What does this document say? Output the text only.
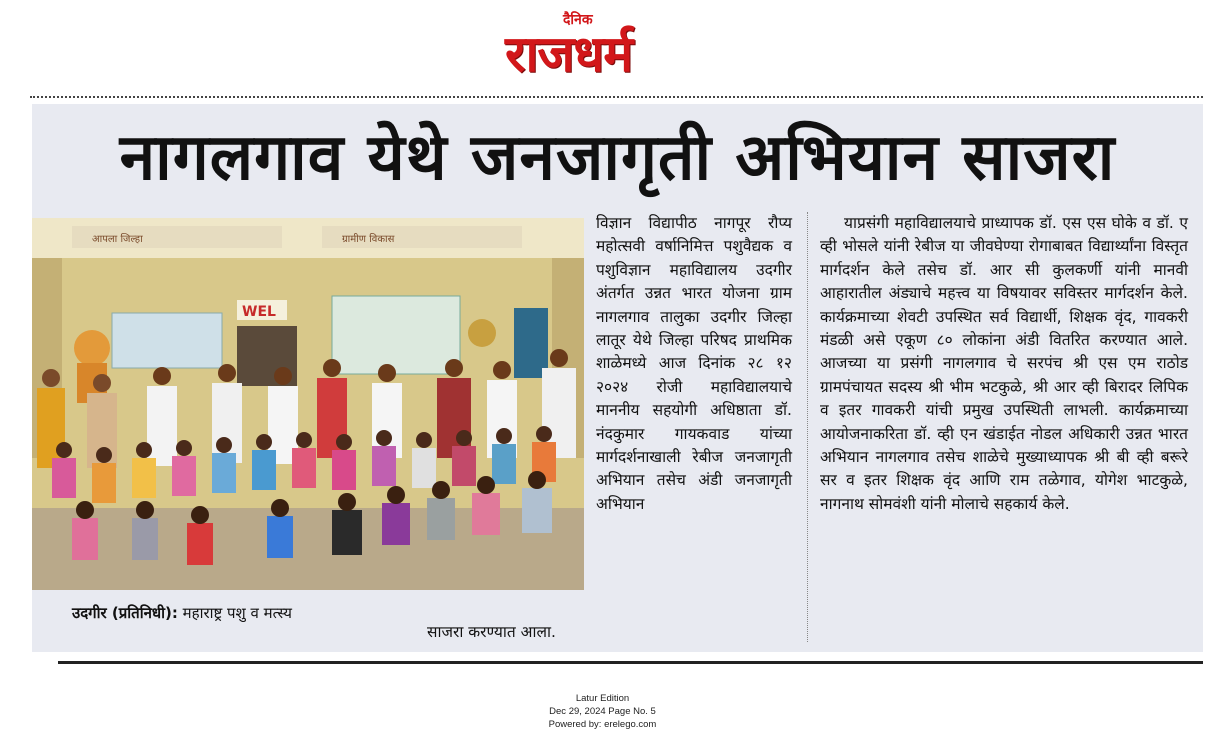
दैनिक
राजधर्म
नागलगाव येथे जनजागृती अभियान साजरा
आपला जिल्हा	ग्रामीण विकास
WEL
उदगीर (प्रतिनिधी): महाराष्ट्र पशु व मत्स्य
विज्ञान विद्यापीठ नागपूर रौप्य महोत्सवी वर्षानिमित्त पशुवैद्यक व पशुविज्ञान महाविद्यालय उदगीर अंतर्गत उन्नत भारत योजना ग्राम नागलगाव तालुका उदगीर जिल्हा लातूर येथे जिल्हा परिषद प्राथमिक शाळेमध्ये आज दिनांक २८ १२ २०२४ रोजी महाविद्यालयाचे माननीय सहयोगी अधिष्ठाता डॉ. नंदकुमार गायकवाड यांच्या मार्गदर्शनाखाली रेबीज जनजागृती अभियान तसेच अंडी जनजागृती अभियान
साजरा करण्यात आला.
याप्रसंगी महाविद्यालयाचे प्राध्यापक डॉ. एस एस घोके व डॉ. ए व्ही भोसले यांनी रेबीज या जीवघेण्या रोगाबाबत विद्यार्थ्यांना विस्तृत मार्गदर्शन केले तसेच डॉ. आर सी कुलकर्णी यांनी मानवी आहारातील अंड्याचे महत्त्व या विषयावर सविस्तर मार्गदर्शन केले. कार्यक्रमाच्या शेवटी उपस्थित सर्व विद्यार्थी, शिक्षक वृंद, गावकरी मंडळी असे एकूण ८० लोकांना अंडी वितरित करण्यात आले. आजच्या या प्रसंगी नागलगाव चे सरपंच श्री एस एम राठोड ग्रामपंचायत सदस्य श्री भीम भटकुळे, श्री आर व्ही बिरादर लिपिक व इतर गावकरी यांची प्रमुख उपस्थिती लाभली. कार्यक्रमाच्या आयोजनाकरिता डॉ. व्ही एन खंडाईत नोडल अधिकारी उन्नत भारत अभियान नागलगाव तसेच शाळेचे मुख्याध्यापक श्री बी व्ही बरूरे सर व इतर शिक्षक वृंद आणि राम तळेगाव, योगेश भाटकुळे, नागनाथ सोमवंशी यांनी मोलाचे सहकार्य केले.
Latur Edition
Dec 29, 2024 Page No. 5
Powered by: erelego.com
